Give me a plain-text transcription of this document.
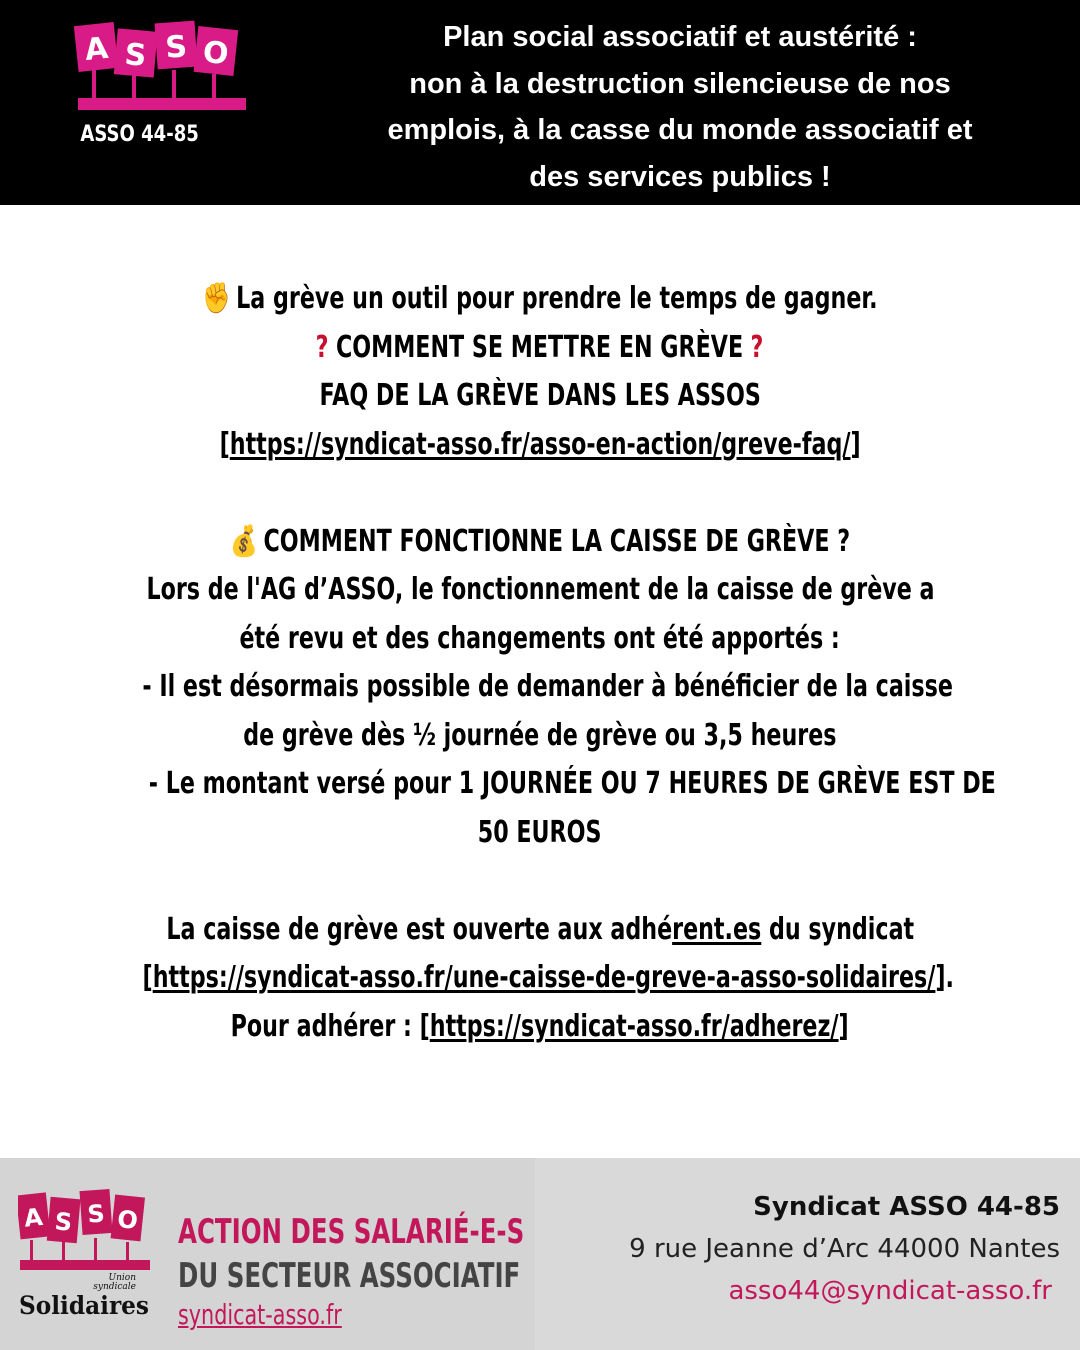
A S S O
ASSO 44-85
Plan social associatif et austérité :
non à la destruction silencieuse de nos
emplois, à la casse du monde associatif et
des services publics !
✊ La grève un outil pour prendre le temps de gagner.
? COMMENT SE METTRE EN GRÈVE ?
FAQ DE LA GRÈVE DANS LES ASSOS
[https://syndicat-asso.fr/asso-en-action/greve-faq/]
💰 COMMENT FONCTIONNE LA CAISSE DE GRÈVE ?
Lors de l'AG d’ASSO, le fonctionnement de la caisse de grève a
été revu et des changements ont été apportés :
- Il est désormais possible de demander à bénéficier de la caisse
de grève dès ½ journée de grève ou 3,5 heures
- Le montant versé pour 1 JOURNÉE OU 7 HEURES DE GRÈVE EST DE
50 EUROS
La caisse de grève est ouverte aux adhérent.es du syndicat
[https://syndicat-asso.fr/une-caisse-de-greve-a-asso-solidaires/].
Pour adhérer : [https://syndicat-asso.fr/adherez/]
A S S O
Union
syndicale
Solidaires
ACTION DES SALARIÉ-E-S
DU SECTEUR ASSOCIATIF
syndicat-asso.fr
Syndicat ASSO 44-85
9 rue Jeanne d’Arc 44000 Nantes
asso44@syndicat-asso.fr
